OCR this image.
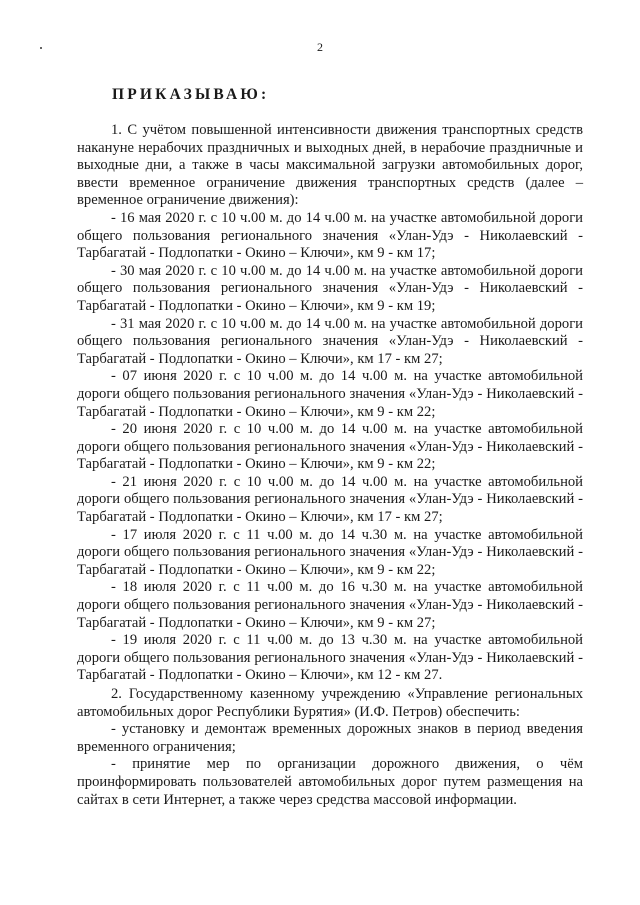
2
ПРИКАЗЫВАЮ:

1. С учётом повышенной интенсивности движения транспортных средств накануне нерабочих праздничных и выходных дней, в нерабочие праздничные и выходные дни, а также в часы максимальной загрузки автомобильных дорог, ввести временное ограничение движения транспортных средств (далее – временное ограничение движения):

- 16 мая 2020 г. с 10 ч.00 м. до 14 ч.00 м. на участке автомобильной дороги общего пользования регионального значения «Улан-Удэ - Николаевский - Тарбагатай - Подлопатки - Окино – Ключи», км 9 - км 17;

- 30 мая 2020 г. с 10 ч.00 м. до 14 ч.00 м. на участке автомобильной дороги общего пользования регионального значения «Улан-Удэ - Николаевский - Тарбагатай - Подлопатки - Окино – Ключи», км 9 - км 19;

- 31 мая 2020 г. с 10 ч.00 м. до 14 ч.00 м. на участке автомобильной дороги общего пользования регионального значения «Улан-Удэ - Николаевский - Тарбагатай - Подлопатки - Окино – Ключи», км 17 - км 27;

- 07 июня 2020 г. с 10 ч.00 м. до 14 ч.00 м. на участке автомобильной дороги общего пользования регионального значения «Улан-Удэ - Николаевский - Тарбагатай - Подлопатки - Окино – Ключи», км 9 - км 22;

- 20 июня 2020 г. с 10 ч.00 м. до 14 ч.00 м. на участке автомобильной дороги общего пользования регионального значения «Улан-Удэ - Николаевский - Тарбагатай - Подлопатки - Окино – Ключи», км 9 - км 22;

- 21 июня 2020 г. с 10 ч.00 м. до 14 ч.00 м. на участке автомобильной дороги общего пользования регионального значения «Улан-Удэ - Николаевский - Тарбагатай - Подлопатки - Окино – Ключи», км 17 - км 27;

- 17 июля 2020 г. с 11 ч.00 м. до 14 ч.30 м. на участке автомобильной дороги общего пользования регионального значения «Улан-Удэ - Николаевский - Тарбагатай - Подлопатки - Окино – Ключи», км 9 - км 22;

- 18 июля 2020 г. с 11 ч.00 м. до 16 ч.30 м. на участке автомобильной дороги общего пользования регионального значения «Улан-Удэ - Николаевский - Тарбагатай - Подлопатки - Окино – Ключи», км 9 - км 27;

- 19 июля 2020 г. с 11 ч.00 м. до 13 ч.30 м. на участке автомобильной дороги общего пользования регионального значения «Улан-Удэ - Николаевский - Тарбагатай - Подлопатки - Окино – Ключи», км 12 - км 27.

2. Государственному казенному учреждению «Управление региональных автомобильных дорог Республики Бурятия» (И.Ф. Петров) обеспечить:

- установку и демонтаж временных дорожных знаков в период введения временного ограничения;

- принятие мер по организации дорожного движения, о чём проинформировать пользователей автомобильных дорог путем размещения на сайтах в сети Интернет, а также через средства массовой информации.
